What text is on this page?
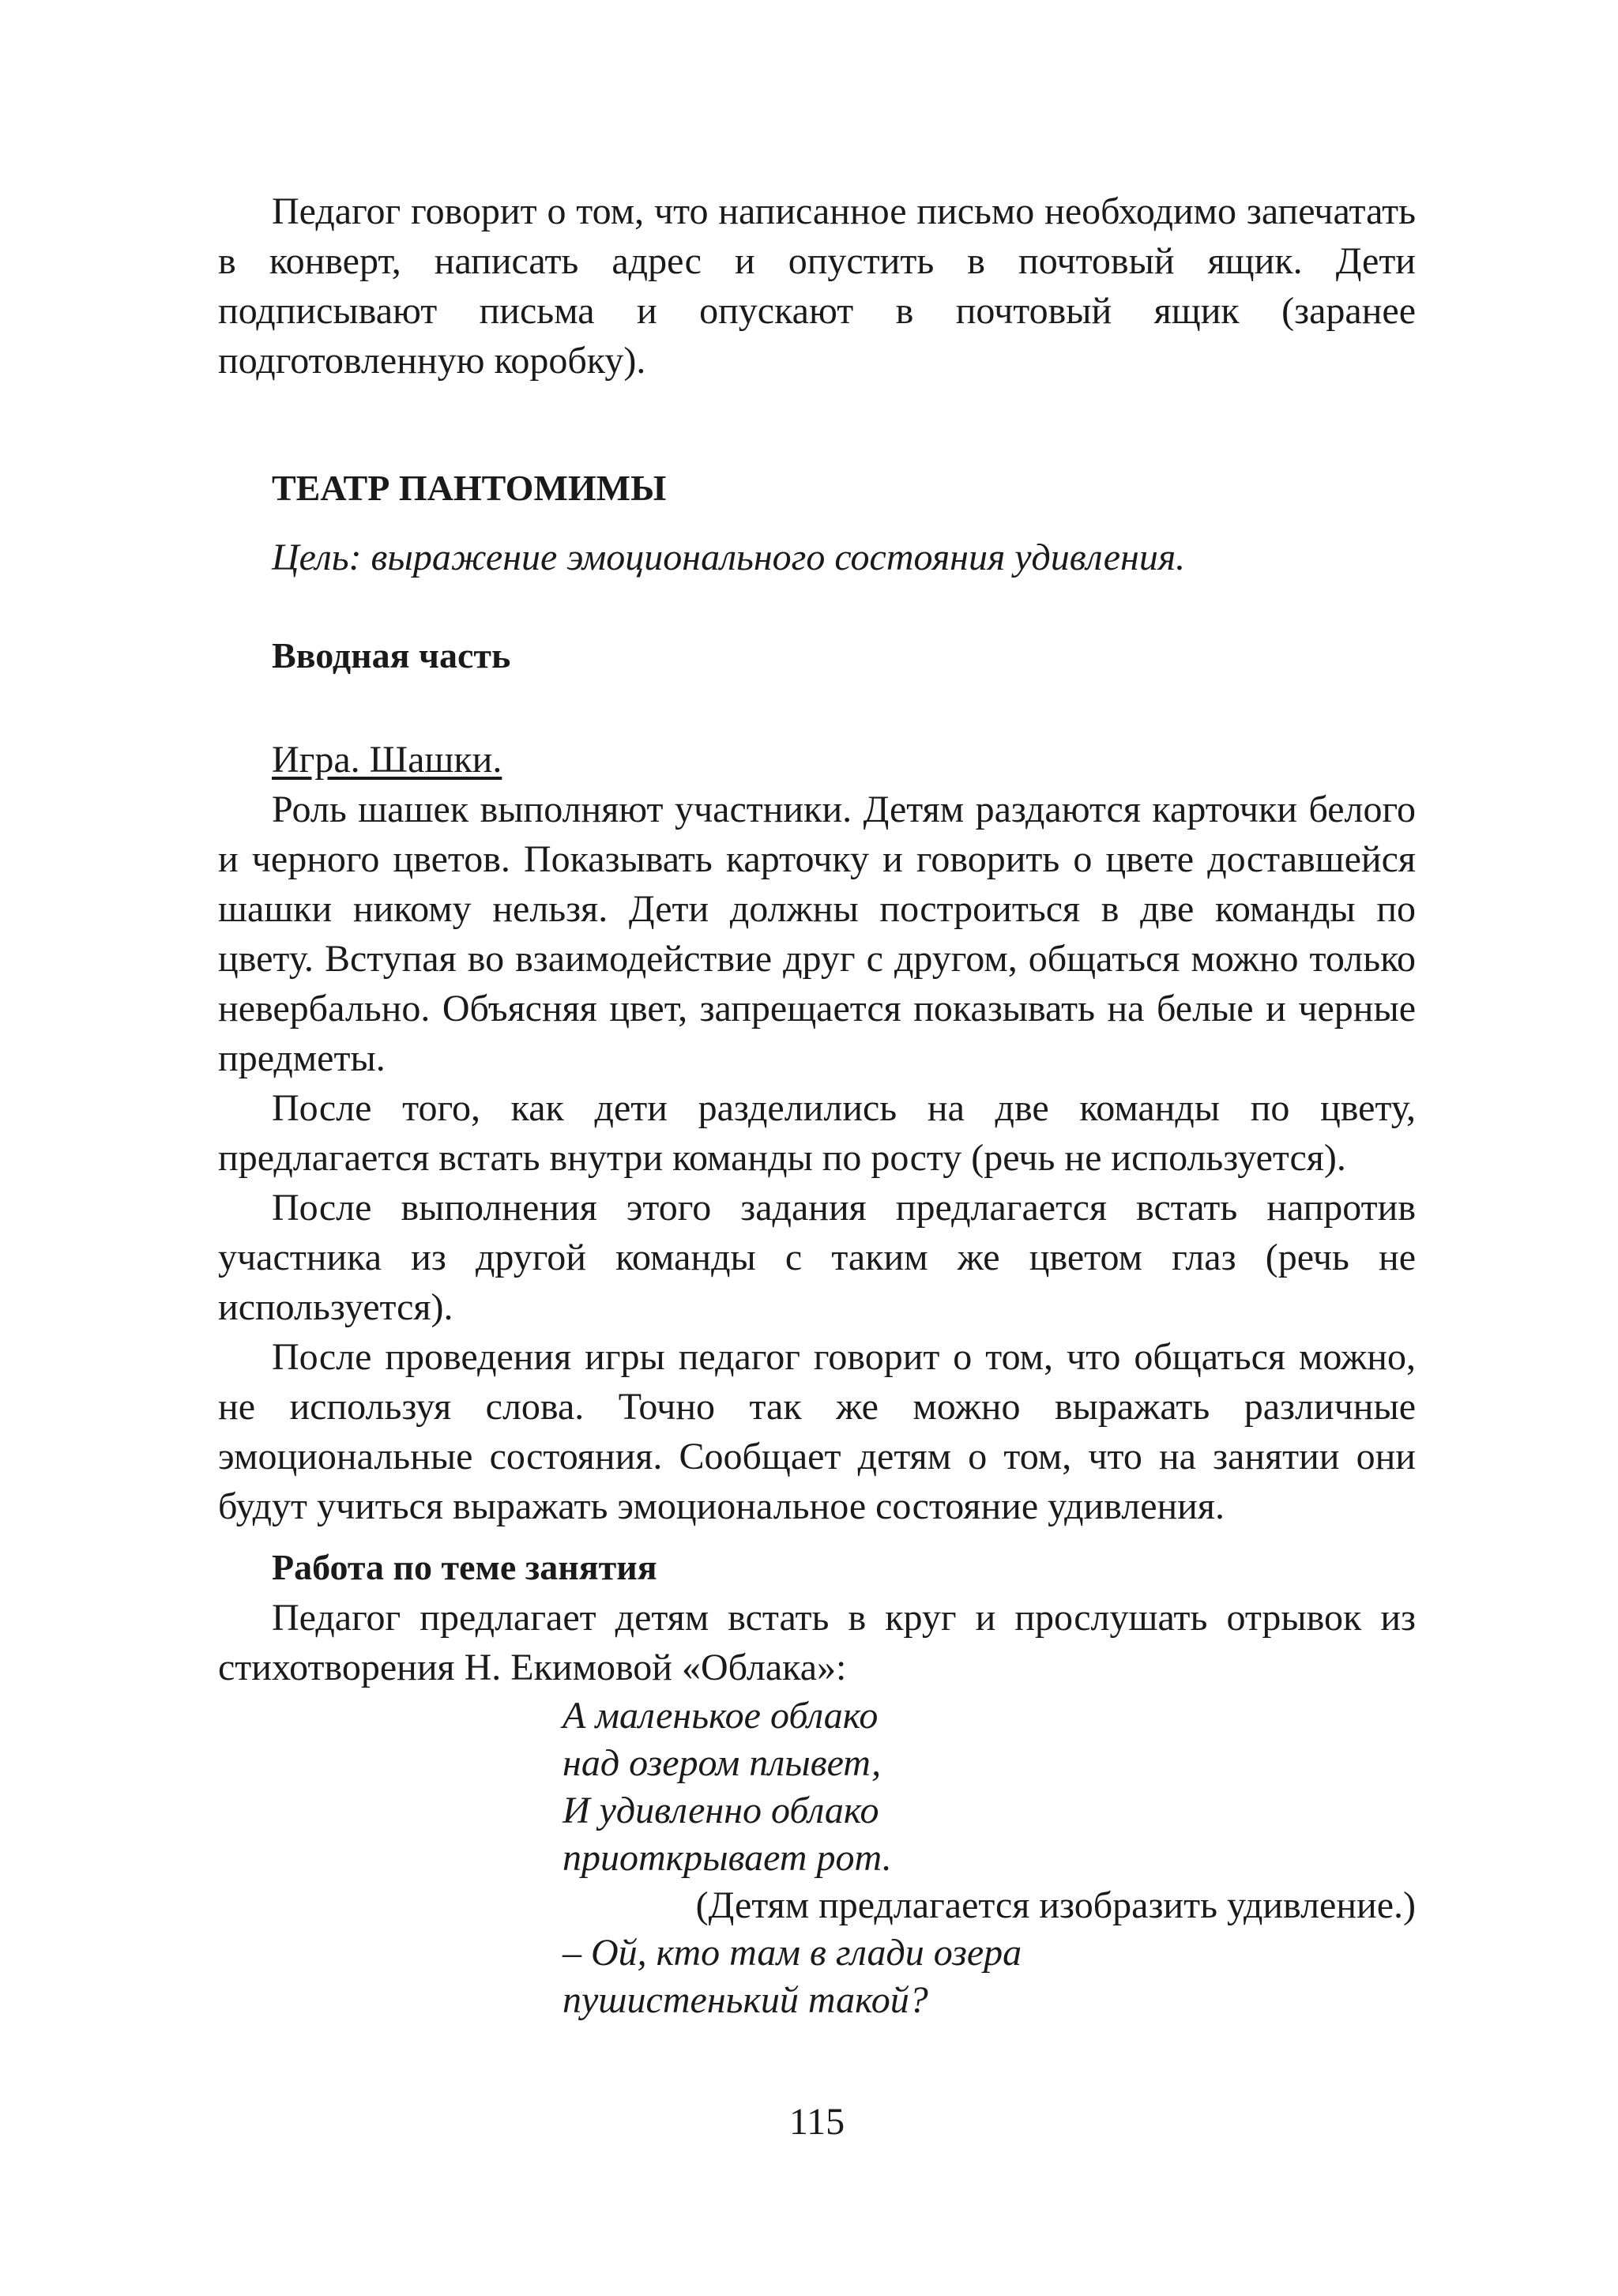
Педагог говорит о том, что написанное письмо необходимо запечатать в конверт, написать адрес и опустить в почтовый ящик. Дети подписывают письма и опускают в почтовый ящик (заранее подготовленную коробку).

ТЕАТР ПАНТОМИМЫ

Цель: выражение эмоционального состояния удивления.

Вводная часть

Игра. Шашки.

Роль шашек выполняют участники. Детям раздаются карточки белого и черного цветов. Показывать карточку и говорить о цвете доставшейся шашки никому нельзя. Дети должны построиться в две команды по цвету. Вступая во взаимодействие друг с другом, общаться можно только невербально. Объясняя цвет, запрещается показывать на белые и черные предметы.

После того, как дети разделились на две команды по цвету, предлагается встать внутри команды по росту (речь не используется).

После выполнения этого задания предлагается встать напротив участника из другой команды с таким же цветом глаз (речь не используется).

После проведения игры педагог говорит о том, что общаться можно, не используя слова. Точно так же можно выражать различные эмоциональные состояния. Сообщает детям о том, что на занятии они будут учиться выражать эмоциональное состояние удивления.

Работа по теме занятия

Педагог предлагает детям встать в круг и прослушать отрывок из стихотворения Н. Екимовой «Облака»:

А маленькое облако

над озером плывет,

И удивленно облако

приоткрывает рот.

(Детям предлагается изобразить удивление.)

– Ой, кто там в глади озера

пушистенький такой?

115
